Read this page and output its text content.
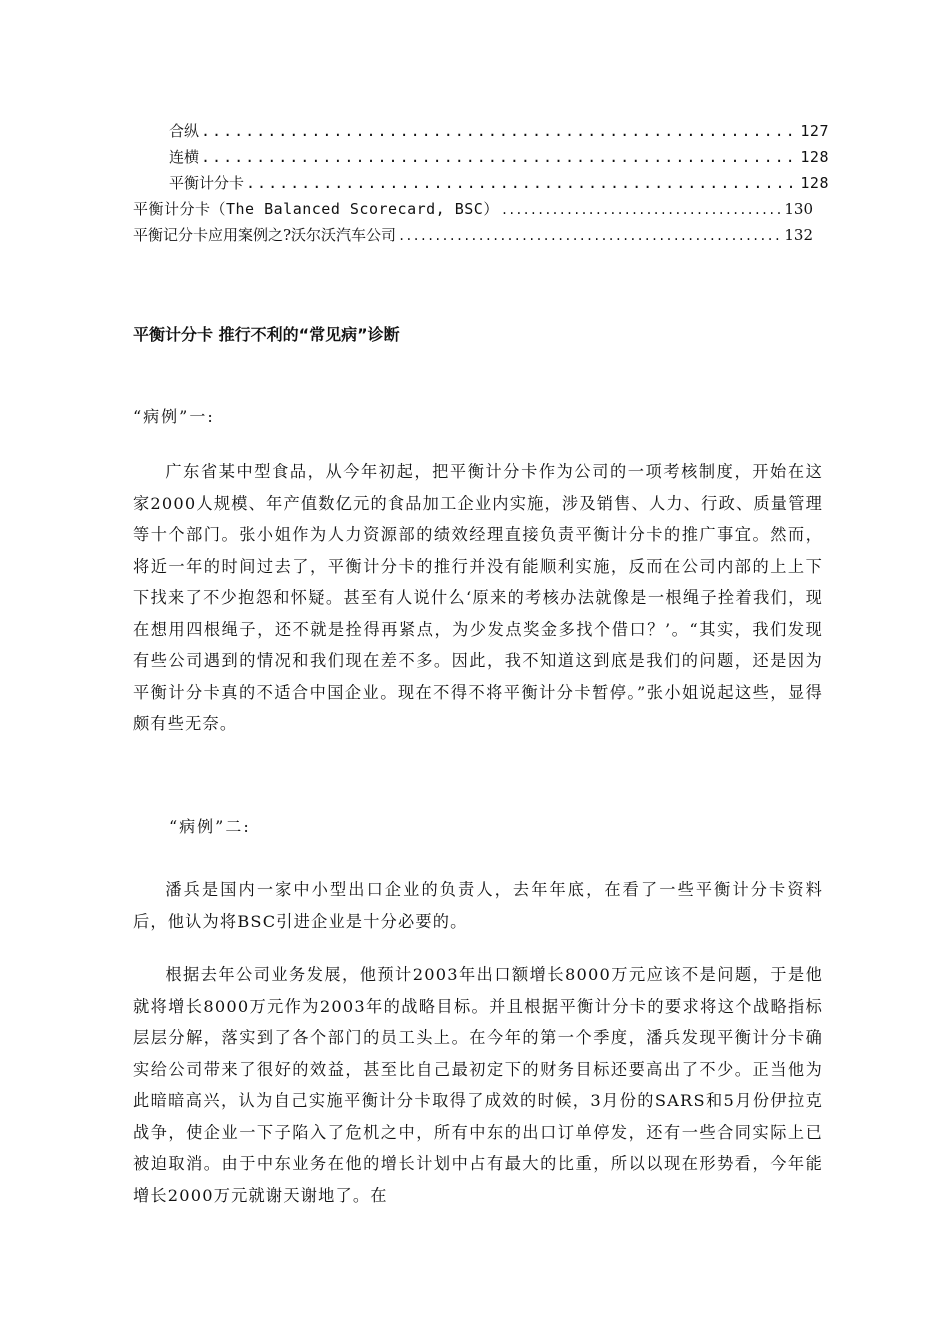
合纵 .....	127
连横 .....	128
平衡计分卡 .....	128
平衡计分卡（The Balanced Scorecard, BSC） .....	130
平衡记分卡应用案例之?沃尔沃汽车公司 .....	132
平衡计分卡 推行不利的“常见病”诊断
“病例”一:
广东省某中型食品，从今年初起，把平衡计分卡作为公司的一项考核制度，开始在这家2000人规模、年产值数亿元的食品加工企业内实施，涉及销售、人力、行政、质量管理等十个部门。张小姐作为人力资源部的绩效经理直接负责平衡计分卡的推广事宜。然而，将近一年的时间过去了，平衡计分卡的推行并没有能顺利实施，反而在公司内部的上上下下找来了不少抱怨和怀疑。甚至有人说什么‘原来的考核办法就像是一根绳子拴着我们，现在想用四根绳子，还不就是拴得再紧点，为少发点奖金多找个借口？’。“其实，我们发现有些公司遇到的情况和我们现在差不多。因此，我不知道这到底是我们的问题，还是因为平衡计分卡真的不适合中国企业。现在不得不将平衡计分卡暂停。”张小姐说起这些，显得颇有些无奈。
“病例”二:
潘兵是国内一家中小型出口企业的负责人，去年年底，在看了一些平衡计分卡资料后，他认为将BSC引进企业是十分必要的。
根据去年公司业务发展，他预计2003年出口额增长8000万元应该不是问题，于是他就将增长8000万元作为2003年的战略目标。并且根据平衡计分卡的要求将这个战略指标层层分解，落实到了各个部门的员工头上。在今年的第一个季度，潘兵发现平衡计分卡确实给公司带来了很好的效益，甚至比自己最初定下的财务目标还要高出了不少。正当他为此暗暗高兴，认为自己实施平衡计分卡取得了成效的时候，3月份的SARS和5月份伊拉克战争，使企业一下子陷入了危机之中，所有中东的出口订单停发，还有一些合同实际上已被迫取消。由于中东业务在他的增长计划中占有最大的比重，所以以现在形势看，今年能增长2000万元就谢天谢地了。在
